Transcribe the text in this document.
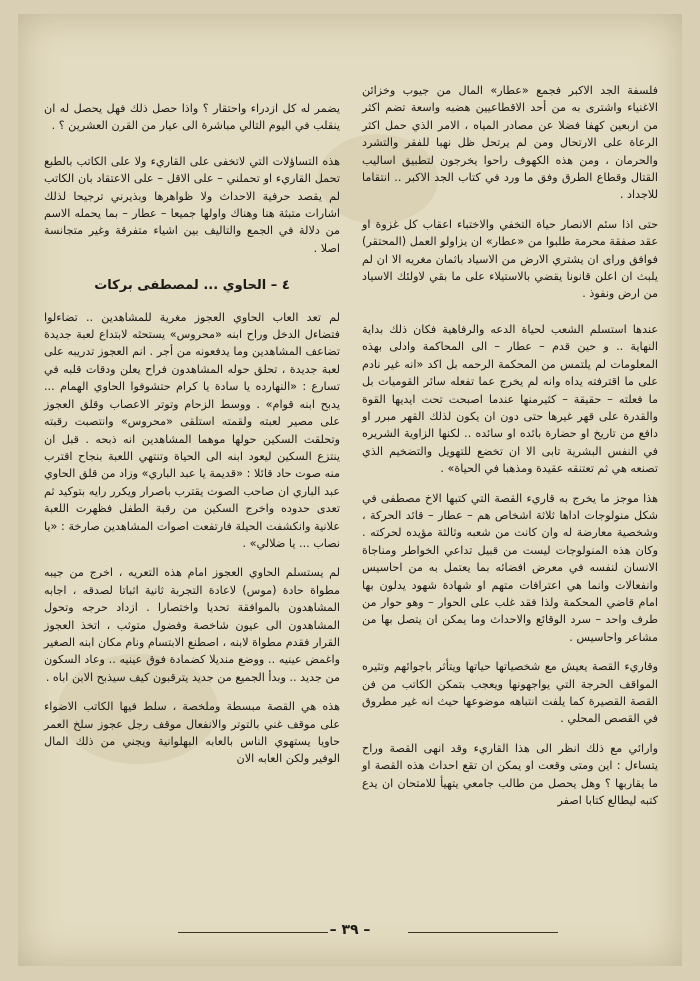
فلسفة الجد الاكبر فجمع «عطار» المال من جيوب وخزائن الاغنياء واشترى به من أحد الاقطاعيين هضبه واسعة تضم اكثر من اربعين كهفا فضلا عن مصادر المياه ، الامر الذي حمل اكثر الرعاة على الارتحال ومن لم يرتحل ظل نهبا للفقر والتشرد والحرمان ، ومن هذه الكهوف راحوا يخرجون لتطبيق اساليب القتال وقطاع الطرق وفق ما ورد في كتاب الجد الاكبر .. انتقاما للاجداد .

حتى اذا سئم الانصار حياة التخفي والاختباء اعقاب كل غزوة او عقد صفقة محرمة طلبوا من «عطار» ان يزاولو العمل (المحتقر) فوافق وراى ان يشتري الارض من الاسياد باثمان مغريه الا ان لم يلبث ان اعلن قانونا يقضي بالاستيلاء على ما بقي لاولئك الاسياد من ارض ونفوذ .

عندها استسلم الشعب لحياة الدعه والرفاهية فكان ذلك بداية النهاية .. و حين قدم – عطار – الى المحاكمة وادلى بهذه المعلومات لم يلتمس من المحكمة الرحمه بل اكد «انه غير نادم على ما اقترفته يداه وانه لم يخرج عما تفعله سائر القوميات بل ما فعلته – حقيقة – كثيرمنها عندما اصبحت تحت ايديها القوة والقدرة على قهر غيرها حتى دون ان يكون لذلك القهر مبرر او دافع من تاريخ او حضارة بائده او سائده .. لكنها الزاوية الشريره في النفس البشرية تابى الا ان تخضع للتهويل والتضخيم الذي تصنعه هي ثم تعتنقه عقيدة ومذهبا في الحياة» .

هذا موجز ما يخرج به قاريء القصة التي كتبها الاخ مصطفى في شكل منولوجات اداها ثلاثة اشخاص هم – عطار – قائد الحركة ، وشخصية معارضة له وان كانت من شعبه وثالثة مؤيده لحركته . وكان هذه المنولوجات ليست من قبيل تداعي الخواطر ومناجاة الانسان لنفسه في معرض افضائه بما يعتمل به من احاسيس وانفعالات وانما هي اعترافات متهم او شهادة شهود يدلون بها امام قاضي المحكمة ولذا فقد غلب على الحوار – وهو حوار من طرف واحد – سرد الوقائع والاحداث وما يمكن ان يتصل بها من مشاعر واحاسيس .

وقاريء القصة يعيش مع شخصياتها حياتها ويتأثر باجوائهم وتثيره المواقف الحرجة التي يواجهونها ويعجب بتمكن الكاتب من فن القصة القصيرة كما يلفت انتباهه موضوعها حيث انه غير مطروق في القصص المحلي .

وارائي مع ذلك انظر الى هذا القاريء وقد انهى القصة وراح يتساءل : اين ومتى وقعت او يمكن ان تقع احداث هذه القصة او ما يقاربها ؟ وهل يحصل من طالب جامعي يتهيأ للامتحان ان يدع كتبه ليطالع كتابا اصفر

يضمر له كل ازدراء واحتقار ؟ واذا حصل ذلك فهل يحصل له ان ينقلب في اليوم التالي مباشرة الى عيار من القرن العشرين ؟ .

هذه التساؤلات التي لاتخفى على القاريء ولا على الكاتب بالطبع تحمل القاريء او تحملني – على الاقل – على الاعتقاد بان الكاتب لم يقصد حرفية الاحداث ولا ظواهرها وبذيرني ترجيحا لذلك اشارات متبثة هنا وهناك واولها جميعا – عطار – بما يحمله الاسم من دلالة في الجمع والتاليف بين اشياء متفرقة وغير متجانسة اصلا .

٤ – الحاوي ... لمصطفى بركات

لم تعد العاب الحاوي العجوز مغرية للمشاهدين .. تضاءلوا فتضاءل الدخل وراح ابنه «محروس» يستحثه لابتداع لعبة جديدة تضاعف المشاهدين وما يدفعونه من أجر . انم العجوز تدريبه على لعبة جديدة ، تحلق حوله المشاهدون فراح يعلن ودقات قلبه في تسارع : «النهارده يا سادة يا كرام حتشوفوا الحاوي الهمام ... يدبح ابنه قوام» . ووسط الزحام وتوتر الاعصاب وقلق العجوز على مصير لعبته ولقمته استلقى «محروس» وانتصبت رقبته وتحلقت السكين حولها موهما المشاهدين انه ذبحه . قبل ان ينتزع السكين ليعود ابنه الى الحياة وتنتهي اللعبة بنجاح اقترب منه صوت حاد قائلا : «قديمة يا عبد الباري» وزاد من قلق الحاوي عبد الباري ان صاحب الصوت يقترب باصرار ويكرر رايه بتوكيد ثم تعدى حدوده واخرج السكين من رقبة الطفل فظهرت اللعبة علانية وانكشفت الحيلة فارتفعت اصوات المشاهدين صارخة : «يا نصاب ... يا ضلالي» .

لم يستسلم الحاوي العجوز امام هذه التعريه ، اخرج من جيبه مطواة حادة (موس) لاعادة التجربة ثانية اثباتا لصدقه ، اجابه المشاهدون بالموافقة تحديا واختصارا . ازداد حرجه وتحول المشاهدون الى عيون شاخصة وفضول متوثب ، اتخذ العجوز القرار فقدم مطواة لابنه ، اصطنع الابتسام ونام مكان ابنه الصغير واغمض عينيه .. ووضع منديلا كضمادة فوق عينيه .. وعاد السكون من جديد .. وبدأ الجميع من جديد يترقبون كيف سيذبح الابن اباه .

هذه هي القصة مبسطة وملخصة ، سلط فيها الكاتب الاضواء على موقف غني بالتوتر والانفعال موقف رجل عجوز سلخ العمر حاويا يستهوي الناس بالعابه البهلوانية ويجني من ذلك المال الوفير ولكن العابه الان

– ٣٩ –
